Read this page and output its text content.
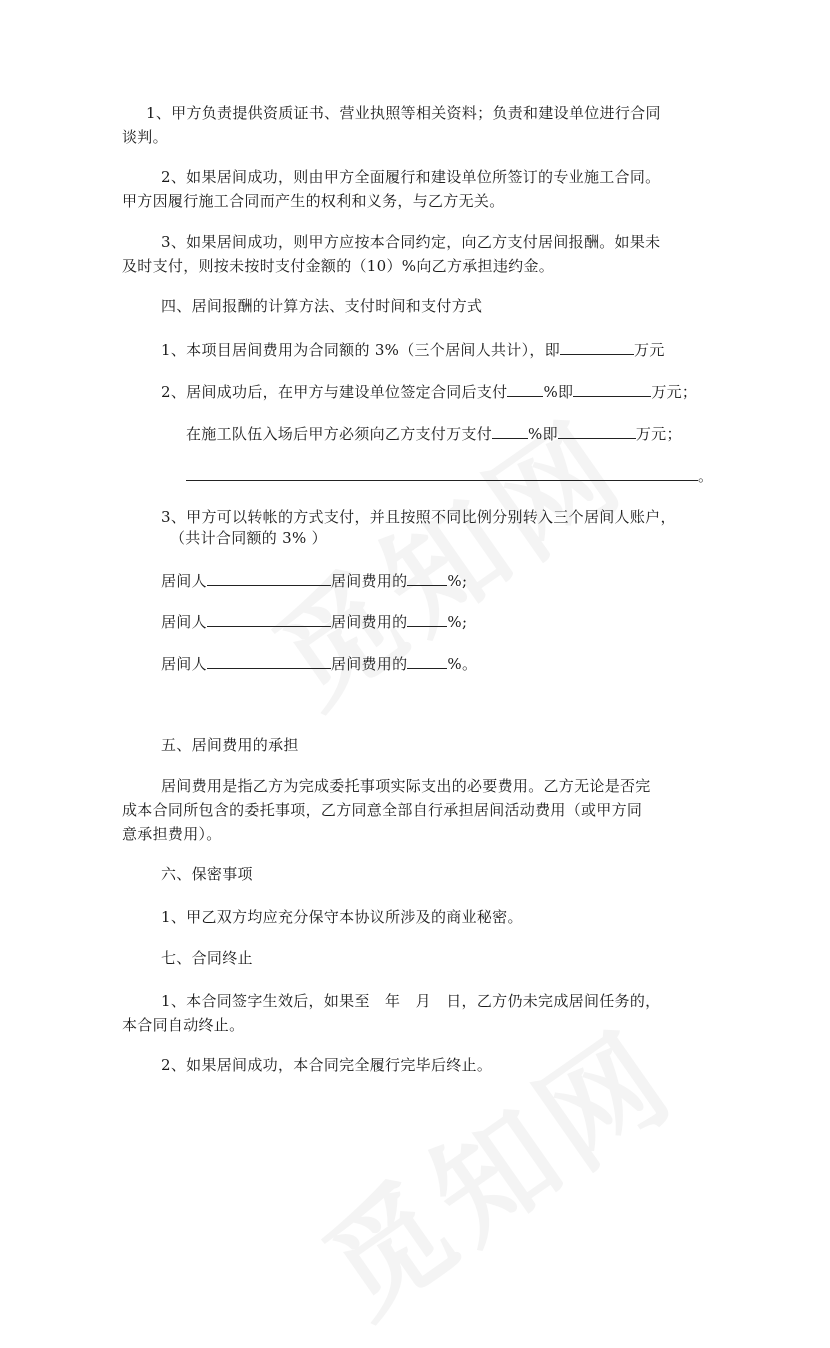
1、甲方负责提供资质证书、营业执照等相关资料；负责和建设单位进行合同
谈判。
2、如果居间成功，则由甲方全面履行和建设单位所签订的专业施工合同。
甲方因履行施工合同而产生的权利和义务，与乙方无关。
3、如果居间成功，则甲方应按本合同约定，向乙方支付居间报酬。如果未
及时支付，则按未按时支付金额的（10）%向乙方承担违约金。
四、居间报酬的计算方法、支付时间和支付方式
1、本项目居间费用为合同额的 3%（三个居间人共计），即	万元
2、居间成功后，在甲方与建设单位签定合同后支付 %即	万元；
在施工队伍入场后甲方必须向乙方支付万支付 %即	万元；
。
3、甲方可以转帐的方式支付，并且按照不同比例分别转入三个居间人账户，
（共计合同额的 3% ）
居间人	居间费用的	%;
居间人	居间费用的	%;
居间人	居间费用的	%。
五、居间费用的承担
居间费用是指乙方为完成委托事项实际支出的必要费用。乙方无论是否完
成本合同所包含的委托事项，乙方同意全部自行承担居间活动费用（或甲方同
意承担费用）。
六、保密事项
1、甲乙双方均应充分保守本协议所涉及的商业秘密。
七、合同终止
1、本合同签字生效后，如果至　年　月　日，乙方仍未完成居间任务的，
本合同自动终止。
2、如果居间成功，本合同完全履行完毕后终止。
